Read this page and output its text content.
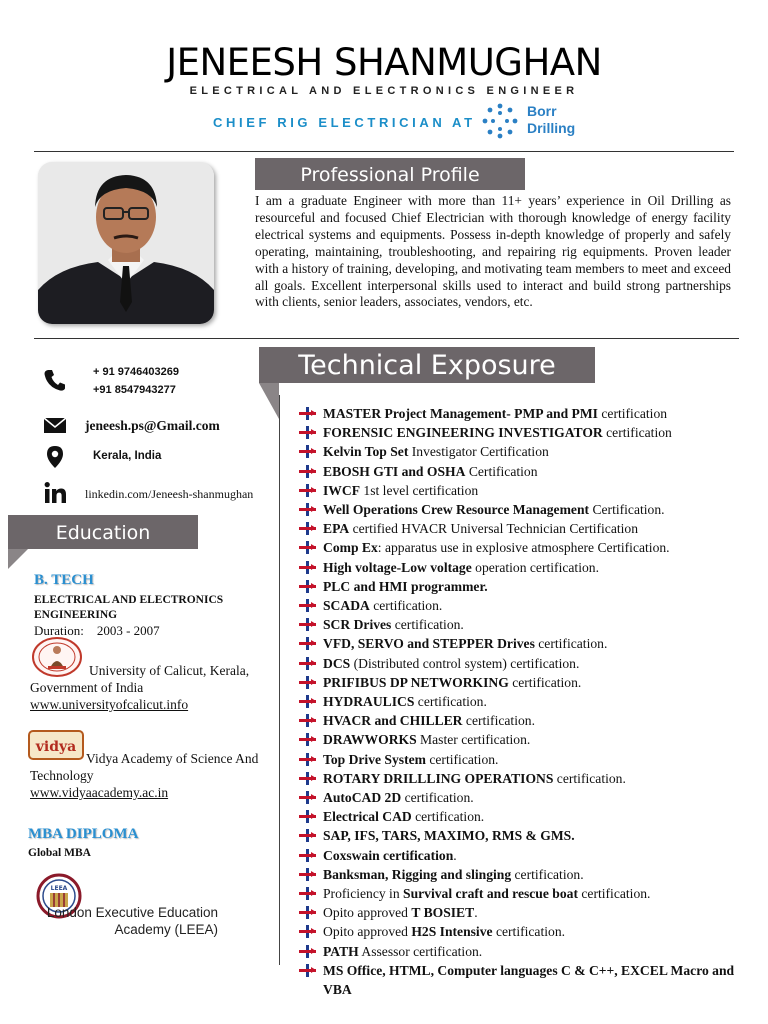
JENEESH SHANMUGHAN
ELECTRICAL AND ELECTRONICS ENGINEER
CHIEF RIG ELECTRICIAN AT
Borr
Drilling
Professional Profile
I am a graduate Engineer with more than 11+ years’ experience in Oil Drilling as resourceful and focused Chief Electrician with thorough knowledge of energy facility electrical systems and equipments. Possess in-depth knowledge of properly and safely operating, maintaining, troubleshooting, and repairing rig equipments. Proven leader with a history of training, developing, and motivating team members to meet and exceed all goals. Excellent interpersonal skills used to interact and build strong partnerships with clients, senior leaders, associates, vendors, etc.
+ 91 9746403269
+91 8547943277
jeneesh.ps@Gmail.com
Kerala, India
linkedin.com/Jeneesh-shanmughan
Technical Exposure
Education
B. TECH
ELECTRICAL AND ELECTRONICS ENGINEERING
Duration:    2003 - 2007
University of Calicut, Kerala, Government of India
www.universityofcalicut.info
vidya
Vidya Academy of Science And Technology
www.vidyaacademy.ac.in
MBA DIPLOMA
Global MBA
LEEA
London Executive Education Academy (LEEA)
MASTER Project Management- PMP and PMI certification
FORENSIC ENGINEERING INVESTIGATOR certification
Kelvin Top Set Investigator Certification
EBOSH GTI and OSHA Certification
IWCF 1st level certification
Well Operations Crew Resource Management Certification.
EPA certified HVACR Universal Technician Certification
Comp Ex: apparatus use in explosive atmosphere Certification.
High voltage-Low voltage operation certification.
PLC and HMI programmer.
SCADA certification.
SCR Drives certification.
VFD, SERVO and STEPPER Drives certification.
DCS (Distributed control system) certification.
PRIFIBUS DP NETWORKING certification.
HYDRAULICS certification.
HVACR and CHILLER certification.
DRAWWORKS Master certification.
Top Drive System certification.
ROTARY DRILLLING OPERATIONS certification.
AutoCAD 2D certification.
Electrical CAD certification.
SAP, IFS, TARS, MAXIMO, RMS & GMS.
Coxswain certification.
Banksman, Rigging and slinging certification.
Proficiency in Survival craft and rescue boat certification.
Opito approved T BOSIET.
Opito approved H2S Intensive certification.
PATH Assessor certification.
MS Office, HTML, Computer languages C & C++, EXCEL Macro and VBA
